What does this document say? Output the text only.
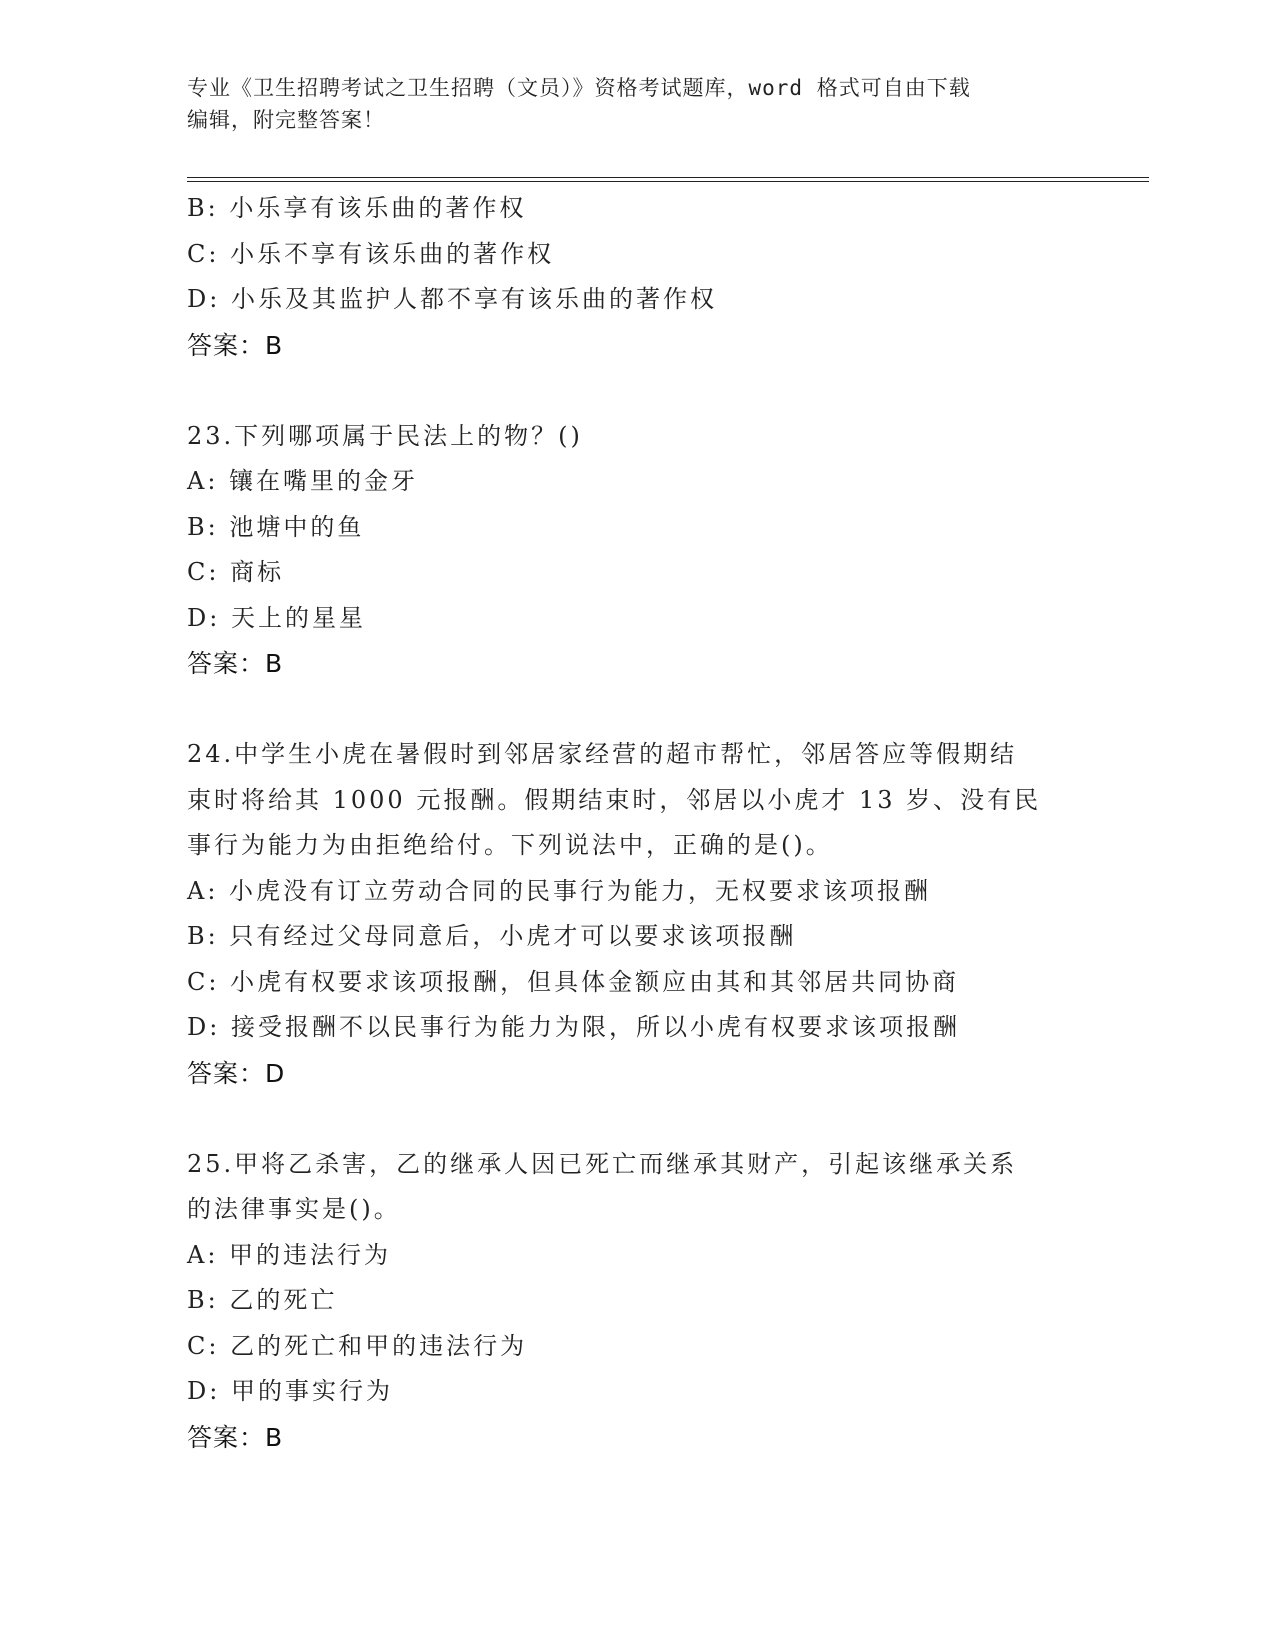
专业《卫生招聘考试之卫生招聘（文员）》资格考试题库，word 格式可自由下载
编辑，附完整答案！
B: 小乐享有该乐曲的著作权
C: 小乐不享有该乐曲的著作权
D: 小乐及其监护人都不享有该乐曲的著作权
答案：B
23.下列哪项属于民法上的物？()
A: 镶在嘴里的金牙
B: 池塘中的鱼
C: 商标
D: 天上的星星
答案：B
24.中学生小虎在暑假时到邻居家经营的超市帮忙，邻居答应等假期结
束时将给其 1000 元报酬。假期结束时，邻居以小虎才 13 岁、没有民
事行为能力为由拒绝给付。下列说法中，正确的是()。
A: 小虎没有订立劳动合同的民事行为能力，无权要求该项报酬
B: 只有经过父母同意后，小虎才可以要求该项报酬
C: 小虎有权要求该项报酬，但具体金额应由其和其邻居共同协商
D: 接受报酬不以民事行为能力为限，所以小虎有权要求该项报酬
答案：D
25.甲将乙杀害，乙的继承人因已死亡而继承其财产，引起该继承关系
的法律事实是()。
A: 甲的违法行为
B: 乙的死亡
C: 乙的死亡和甲的违法行为
D: 甲的事实行为
答案：B
